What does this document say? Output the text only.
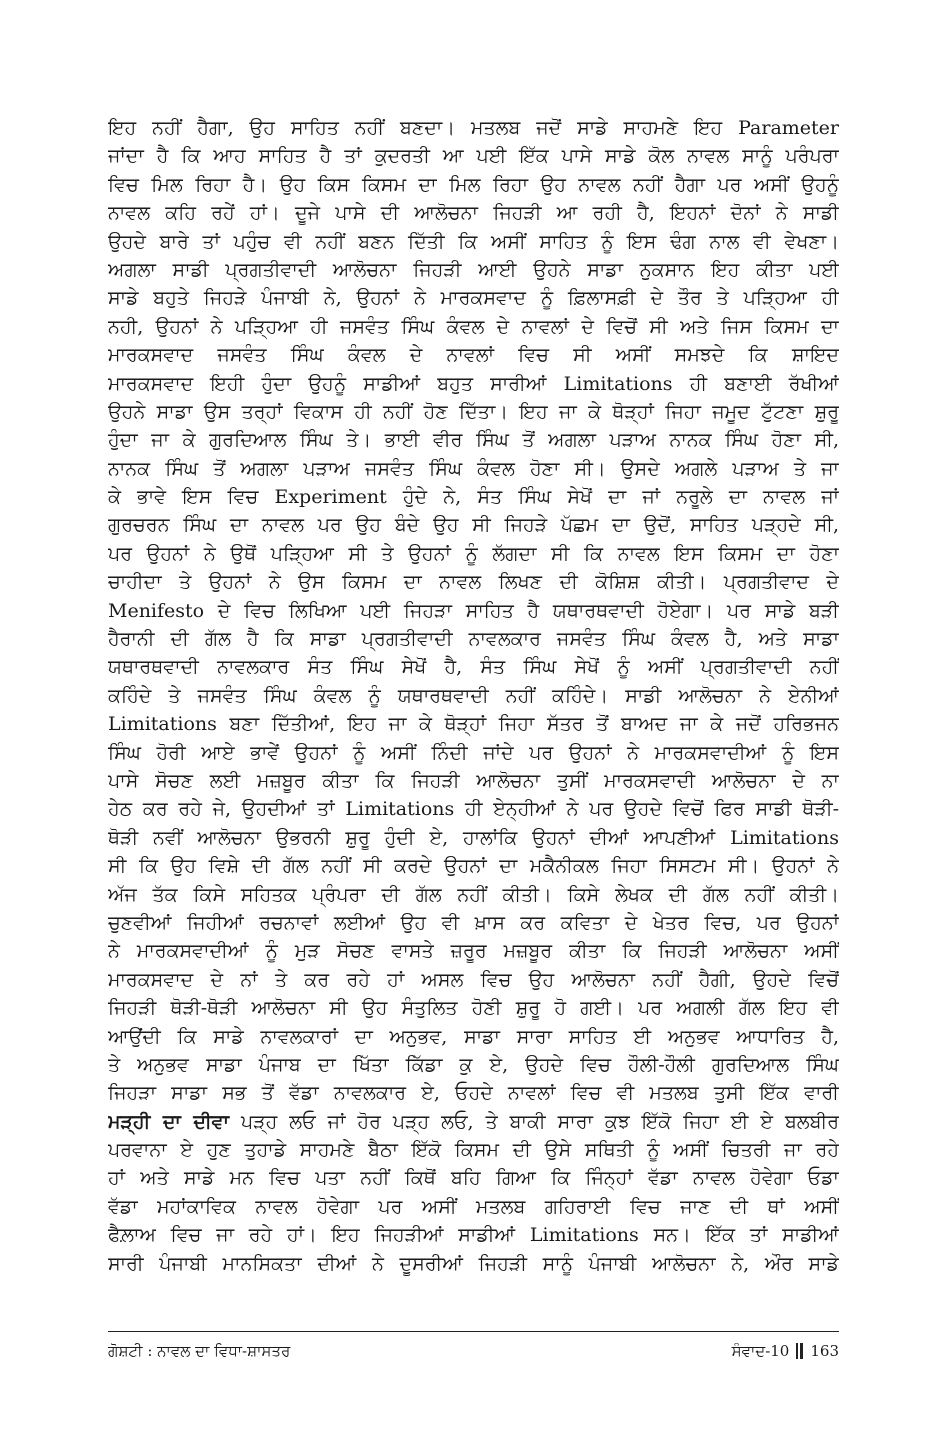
ਇਹ ਨਹੀਂ ਹੈਗਾ, ਉਹ ਸਾਹਿਤ ਨਹੀਂ ਬਣਦਾ। ਮਤਲਬ ਜਦੋਂ ਸਾਡੇ ਸਾਹਮਣੇ ਇਹ Parameter
ਜਾਂਦਾ ਹੈ ਕਿ ਆਹ ਸਾਹਿਤ ਹੈ ਤਾਂ ਕੁਦਰਤੀ ਆ ਪਈ ਇੱਕ ਪਾਸੇ ਸਾਡੇ ਕੋਲ ਨਾਵਲ ਸਾਨੂੰ ਪਰੰਪਰਾ
ਵਿਚ ਮਿਲ ਰਿਹਾ ਹੈ। ਉਹ ਕਿਸ ਕਿਸਮ ਦਾ ਮਿਲ ਰਿਹਾ ਉਹ ਨਾਵਲ ਨਹੀਂ ਹੈਗਾ ਪਰ ਅਸੀਂ ਉਹਨੂੰ
ਨਾਵਲ ਕਹਿ ਰਹੇਂ ਹਾਂ। ਦੂਜੇ ਪਾਸੇ ਦੀ ਆਲੋਚਨਾ ਜਿਹੜੀ ਆ ਰਹੀ ਹੈ, ਇਹਨਾਂ ਦੋਨਾਂ ਨੇ ਸਾਡੀ
ਉਹਦੇ ਬਾਰੇ ਤਾਂ ਪਹੁੰਚ ਵੀ ਨਹੀਂ ਬਣਨ ਦਿੱਤੀ ਕਿ ਅਸੀਂ ਸਾਹਿਤ ਨੂੰ ਇਸ ਢੰਗ ਨਾਲ ਵੀ ਵੇਖਣਾ।
ਅਗਲਾ ਸਾਡੀ ਪ੍ਰਗਤੀਵਾਦੀ ਆਲੋਚਨਾ ਜਿਹੜੀ ਆਈ ਉਹਨੇ ਸਾਡਾ ਨੁਕਸਾਨ ਇਹ ਕੀਤਾ ਪਈ
ਸਾਡੇ ਬਹੁਤੇ ਜਿਹੜੇ ਪੰਜਾਬੀ ਨੇ, ਉਹਨਾਂ ਨੇ ਮਾਰਕਸਵਾਦ ਨੂੰ ਫ਼ਿਲਾਸਫ਼ੀ ਦੇ ਤੌਰ ਤੇ ਪੜ੍ਹਿਆ ਹੀ
ਨਹੀ, ਉਹਨਾਂ ਨੇ ਪੜ੍ਹਿਆ ਹੀ ਜਸਵੰਤ ਸਿੰਘ ਕੰਵਲ ਦੇ ਨਾਵਲਾਂ ਦੇ ਵਿਚੋਂ ਸੀ ਅਤੇ ਜਿਸ ਕਿਸਮ ਦਾ
ਮਾਰਕਸਵਾਦ ਜਸਵੰਤ ਸਿੰਘ ਕੰਵਲ ਦੇ ਨਾਵਲਾਂ ਵਿਚ ਸੀ ਅਸੀਂ ਸਮਝਦੇ ਕਿ ਸ਼ਾਇਦ
ਮਾਰਕਸਵਾਦ ਇਹੀ ਹੁੰਦਾ ਉਹਨੂੰ ਸਾਡੀਆਂ ਬਹੁਤ ਸਾਰੀਆਂ Limitations ਹੀ ਬਣਾਈ ਰੱਖੀਆਂ
ਉਹਨੇ ਸਾਡਾ ਉਸ ਤਰ੍ਹਾਂ ਵਿਕਾਸ ਹੀ ਨਹੀਂ ਹੋਣ ਦਿੱਤਾ। ਇਹ ਜਾ ਕੇ ਥੋੜ੍ਹਾਂ ਜਿਹਾ ਜਮੂਦ ਟੁੱਟਣਾ ਸ਼ੁਰੂ
ਹੁੰਦਾ ਜਾ ਕੇ ਗੁਰਦਿਆਲ ਸਿੰਘ ਤੇ। ਭਾਈ ਵੀਰ ਸਿੰਘ ਤੋਂ ਅਗਲਾ ਪੜਾਅ ਨਾਨਕ ਸਿੰਘ ਹੋਣਾ ਸੀ,
ਨਾਨਕ ਸਿੰਘ ਤੋਂ ਅਗਲਾ ਪੜਾਅ ਜਸਵੰਤ ਸਿੰਘ ਕੰਵਲ ਹੋਣਾ ਸੀ। ਉਸਦੇ ਅਗਲੇ ਪੜਾਅ ਤੇ ਜਾ
ਕੇ ਭਾਵੇ ਇਸ ਵਿਚ Experiment ਹੁੰਦੇ ਨੇ, ਸੰਤ ਸਿੰਘ ਸੇਖੋਂ ਦਾ ਜਾਂ ਨਰੂਲੇ ਦਾ ਨਾਵਲ ਜਾਂ
ਗੁਰਚਰਨ ਸਿੰਘ ਦਾ ਨਾਵਲ ਪਰ ਉਹ ਬੰਦੇ ਉਹ ਸੀ ਜਿਹੜੇ ਪੱਛਮ ਦਾ ਉਦੋਂ, ਸਾਹਿਤ ਪੜ੍ਹਦੇ ਸੀ,
ਪਰ ਉਹਨਾਂ ਨੇ ਉਥੋਂ ਪੜ੍ਹਿਆ ਸੀ ਤੇ ਉਹਨਾਂ ਨੂੰ ਲੱਗਦਾ ਸੀ ਕਿ ਨਾਵਲ ਇਸ ਕਿਸਮ ਦਾ ਹੋਣਾ
ਚਾਹੀਦਾ ਤੇ ਉਹਨਾਂ ਨੇ ਉਸ ਕਿਸਮ ਦਾ ਨਾਵਲ ਲਿਖਣ ਦੀ ਕੋਸ਼ਿਸ਼ ਕੀਤੀ। ਪ੍ਰਗਤੀਵਾਦ ਦੇ
Menifesto ਦੇ ਵਿਚ ਲਿਖਿਆ ਪਈ ਜਿਹੜਾ ਸਾਹਿਤ ਹੈ ਯਥਾਰਥਵਾਦੀ ਹੋਏਗਾ। ਪਰ ਸਾਡੇ ਬੜੀ
ਹੈਰਾਨੀ ਦੀ ਗੱਲ ਹੈ ਕਿ ਸਾਡਾ ਪ੍ਰਗਤੀਵਾਦੀ ਨਾਵਲਕਾਰ ਜਸਵੰਤ ਸਿੰਘ ਕੰਵਲ ਹੈ, ਅਤੇ ਸਾਡਾ
ਯਥਾਰਥਵਾਦੀ ਨਾਵਲਕਾਰ ਸੰਤ ਸਿੰਘ ਸੇਖੋਂ ਹੈ, ਸੰਤ ਸਿੰਘ ਸੇਖੋਂ ਨੂੰ ਅਸੀਂ ਪ੍ਰਗਤੀਵਾਦੀ ਨਹੀਂ
ਕਹਿੰਦੇ ਤੇ ਜਸਵੰਤ ਸਿੰਘ ਕੰਵਲ ਨੂੰ ਯਥਾਰਥਵਾਦੀ ਨਹੀਂ ਕਹਿੰਦੇ। ਸਾਡੀ ਆਲੋਚਨਾ ਨੇ ਏਨੀਆਂ
Limitations ਬਣਾ ਦਿੱਤੀਆਂ, ਇਹ ਜਾ ਕੇ ਥੋੜ੍ਹਾਂ ਜਿਹਾ ਸੱਤਰ ਤੋਂ ਬਾਅਦ ਜਾ ਕੇ ਜਦੋਂ ਹਰਿਭਜਨ
ਸਿੰਘ ਹੋਰੀ ਆਏ ਭਾਵੇਂ ਉਹਨਾਂ ਨੂੰ ਅਸੀਂ ਨਿੰਦੀ ਜਾਂਦੇ ਪਰ ਉਹਨਾਂ ਨੇ ਮਾਰਕਸਵਾਦੀਆਂ ਨੂੰ ਇਸ
ਪਾਸੇ ਸੋਚਣ ਲਈ ਮਜ਼ਬੂਰ ਕੀਤਾ ਕਿ ਜਿਹੜੀ ਆਲੋਚਨਾ ਤੁਸੀਂ ਮਾਰਕਸਵਾਦੀ ਆਲੋਚਨਾ ਦੇ ਨਾ
ਹੇਠ ਕਰ ਰਹੇ ਜੇ, ਉਹਦੀਆਂ ਤਾਂ Limitations ਹੀ ਏਨ੍ਹੀਆਂ ਨੇ ਪਰ ਉਹਦੇ ਵਿਚੋਂ ਫਿਰ ਸਾਡੀ ਥੋੜੀ-
ਥੋੜੀ ਨਵੀਂ ਆਲੋਚਨਾ ਉਭਰਨੀ ਸ਼ੁਰੂ ਹੁੰਦੀ ਏ, ਹਾਲਾਂਕਿ ਉਹਨਾਂ ਦੀਆਂ ਆਪਣੀਆਂ Limitations
ਸੀ ਕਿ ਉਹ ਵਿਸ਼ੇ ਦੀ ਗੱਲ ਨਹੀਂ ਸੀ ਕਰਦੇ ਉਹਨਾਂ ਦਾ ਮਕੈਨੀਕਲ ਜਿਹਾ ਸਿਸਟਮ ਸੀ। ਉਹਨਾਂ ਨੇ
ਅੱਜ ਤੱਕ ਕਿਸੇ ਸਹਿਤਕ ਪ੍ਰੰਪਰਾ ਦੀ ਗੱਲ ਨਹੀਂ ਕੀਤੀ। ਕਿਸੇ ਲੇਖਕ ਦੀ ਗੱਲ ਨਹੀਂ ਕੀਤੀ।
ਚੁਣਵੀਆਂ ਜਿਹੀਆਂ ਰਚਨਾਵਾਂ ਲਈਆਂ ਉਹ ਵੀ ਖ਼ਾਸ ਕਰ ਕਵਿਤਾ ਦੇ ਖੇਤਰ ਵਿਚ, ਪਰ ਉਹਨਾਂ
ਨੇ ਮਾਰਕਸਵਾਦੀਆਂ ਨੂੰ ਮੁੜ ਸੋਚਣ ਵਾਸਤੇ ਜ਼ਰੂਰ ਮਜ਼ਬੂਰ ਕੀਤਾ ਕਿ ਜਿਹੜੀ ਆਲੋਚਨਾ ਅਸੀਂ
ਮਾਰਕਸਵਾਦ ਦੇ ਨਾਂ ਤੇ ਕਰ ਰਹੇ ਹਾਂ ਅਸਲ ਵਿਚ ਉਹ ਆਲੋਚਨਾ ਨਹੀਂ ਹੈਗੀ, ਉਹਦੇ ਵਿਚੋਂ
ਜਿਹੜੀ ਥੋੜੀ-ਥੋੜੀ ਆਲੋਚਨਾ ਸੀ ਉਹ ਸੰਤੁਲਿਤ ਹੋਣੀ ਸ਼ੁਰੂ ਹੋ ਗਈ। ਪਰ ਅਗਲੀ ਗੱਲ ਇਹ ਵੀ
ਆਉਂਦੀ ਕਿ ਸਾਡੇ ਨਾਵਲਕਾਰਾਂ ਦਾ ਅਨੁਭਵ, ਸਾਡਾ ਸਾਰਾ ਸਾਹਿਤ ਈ ਅਨੁਭਵ ਆਧਾਰਿਤ ਹੈ,
ਤੇ ਅਨੁਭਵ ਸਾਡਾ ਪੰਜਾਬ ਦਾ ਖਿੱਤਾ ਕਿੱਡਾ ਕੁ ਏ, ਉਹਦੇ ਵਿਚ ਹੌਲੀ-ਹੌਲੀ ਗੁਰਦਿਆਲ ਸਿੰਘ
ਜਿਹੜਾ ਸਾਡਾ ਸਭ ਤੋਂ ਵੱਡਾ ਨਾਵਲਕਾਰ ਏ, ਓਹਦੇ ਨਾਵਲਾਂ ਵਿਚ ਵੀ ਮਤਲਬ ਤੁਸੀ ਇੱਕ ਵਾਰੀ
ਮੜ੍ਹੀ ਦਾ ਦੀਵਾ ਪੜ੍ਹ ਲਓ ਜਾਂ ਹੋਰ ਪੜ੍ਹ ਲਓ, ਤੇ ਬਾਕੀ ਸਾਰਾ ਕੁਝ ਇੱਕੋ ਜਿਹਾ ਈ ਏ ਬਲਬੀਰ
ਪਰਵਾਨਾ ਏ ਹੁਣ ਤੁਹਾਡੇ ਸਾਹਮਣੇ ਬੈਠਾ ਇੱਕੋ ਕਿਸਮ ਦੀ ਉਸੇ ਸਥਿਤੀ ਨੂੰ ਅਸੀਂ ਚਿਤਰੀ ਜਾ ਰਹੇ
ਹਾਂ ਅਤੇ ਸਾਡੇ ਮਨ ਵਿਚ ਪਤਾ ਨਹੀਂ ਕਿਥੋਂ ਬਹਿ ਗਿਆ ਕਿ ਜਿੰਨ੍ਹਾਂ ਵੱਡਾ ਨਾਵਲ ਹੋਵੇਗਾ ਓਡਾ
ਵੱਡਾ ਮਹਾਂਕਾਵਿਕ ਨਾਵਲ ਹੋਵੇਗਾ ਪਰ ਅਸੀਂ ਮਤਲਬ ਗਹਿਰਾਈ ਵਿਚ ਜਾਣ ਦੀ ਥਾਂ ਅਸੀਂ
ਫੈਲ਼ਾਅ ਵਿਚ ਜਾ ਰਹੇ ਹਾਂ। ਇਹ ਜਿਹੜੀਆਂ ਸਾਡੀਆਂ Limitations ਸਨ। ਇੱਕ ਤਾਂ ਸਾਡੀਆਂ
ਸਾਰੀ ਪੰਜਾਬੀ ਮਾਨਸਿਕਤਾ ਦੀਆਂ ਨੇ ਦੂਸਰੀਆਂ ਜਿਹੜੀ ਸਾਨੂੰ ਪੰਜਾਬੀ ਆਲੋਚਨਾ ਨੇ, ਔਰ ਸਾਡੇ
ਗੋਸ਼ਟੀ : ਨਾਵਲ ਦਾ ਵਿਧਾ-ਸ਼ਾਸਤਰ	ਸੰਵਾਦ-10 163
